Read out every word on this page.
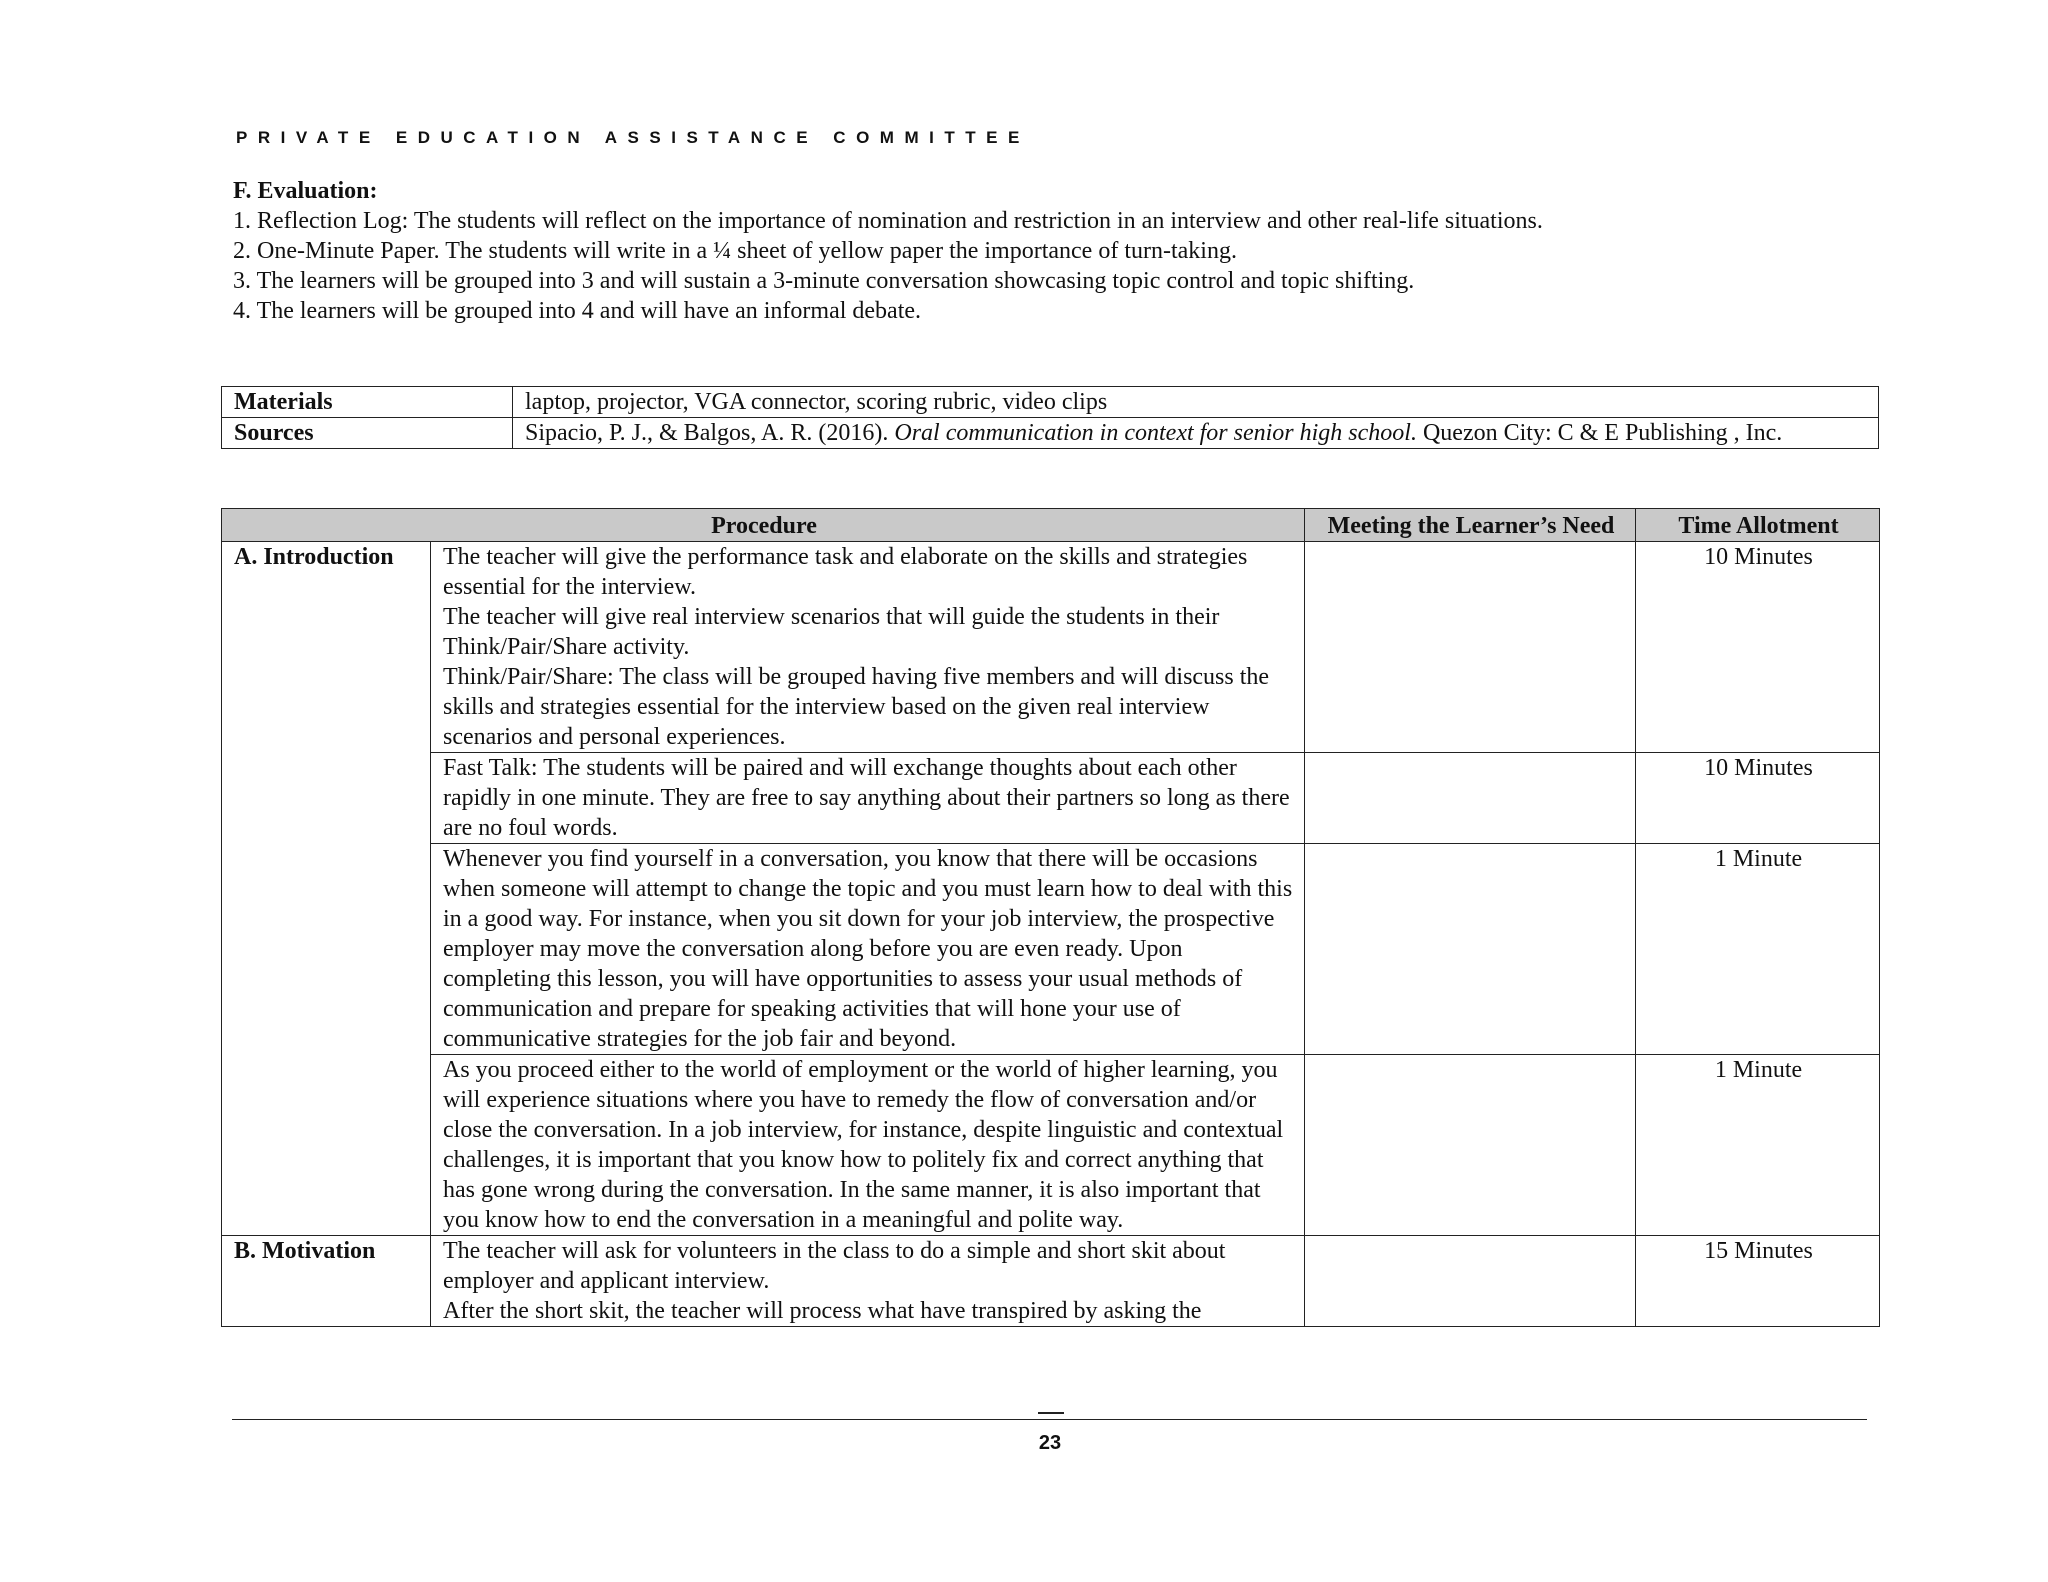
PRIVATE EDUCATION ASSISTANCE COMMITTEE
F. Evaluation:
1. Reflection Log: The students will reflect on the importance of nomination and restriction in an interview and other real-life situations.
2. One-Minute Paper. The students will write in a ¼ sheet of yellow paper the importance of turn-taking.
3. The learners will be grouped into 3 and will sustain a 3-minute conversation showcasing topic control and topic shifting.
4. The learners will be grouped into 4 and will have an informal debate.
Materials	laptop, projector, VGA connector, scoring rubric, video clips
Sources	Sipacio, P. J., & Balgos, A. R. (2016). Oral communication in context for senior high school. Quezon City: C & E Publishing , Inc.
Procedure		Meeting the Learner’s Need	Time Allotment
A. Introduction	The teacher will give the performance task and elaborate on the skills and strategies essential for the interview.

The teacher will give real interview scenarios that will guide the students in their Think/Pair/Share activity.

Think/Pair/Share: The class will be grouped having five members and will discuss the skills and strategies essential for the interview based on the given real interview scenarios and personal experiences.		10 Minutes

	Fast Talk: The students will be paired and will exchange thoughts about each other rapidly in one minute. They are free to say anything about their partners so long as there are no foul words.		10 Minutes

	Whenever you find yourself in a conversation, you know that there will be occasions when someone will attempt to change the topic and you must learn how to deal with this in a good way. For instance, when you sit down for your job interview, the prospective employer may move the conversation along before you are even ready. Upon completing this lesson, you will have opportunities to assess your usual methods of communication and prepare for speaking activities that will hone your use of communicative strategies for the job fair and beyond.		1 Minute

	As you proceed either to the world of employment or the world of higher learning, you will experience situations where you have to remedy the flow of conversation and/or close the conversation. In a job interview, for instance, despite linguistic and contextual challenges, it is important that you know how to politely fix and correct anything that has gone wrong during the conversation. In the same manner, it is also important that you know how to end the conversation in a meaningful and polite way.		1 Minute
B. Motivation	The teacher will ask for volunteers in the class to do a simple and short skit about employer and applicant interview.

After the short skit, the teacher will process what have transpired by asking the		15 Minutes
23
